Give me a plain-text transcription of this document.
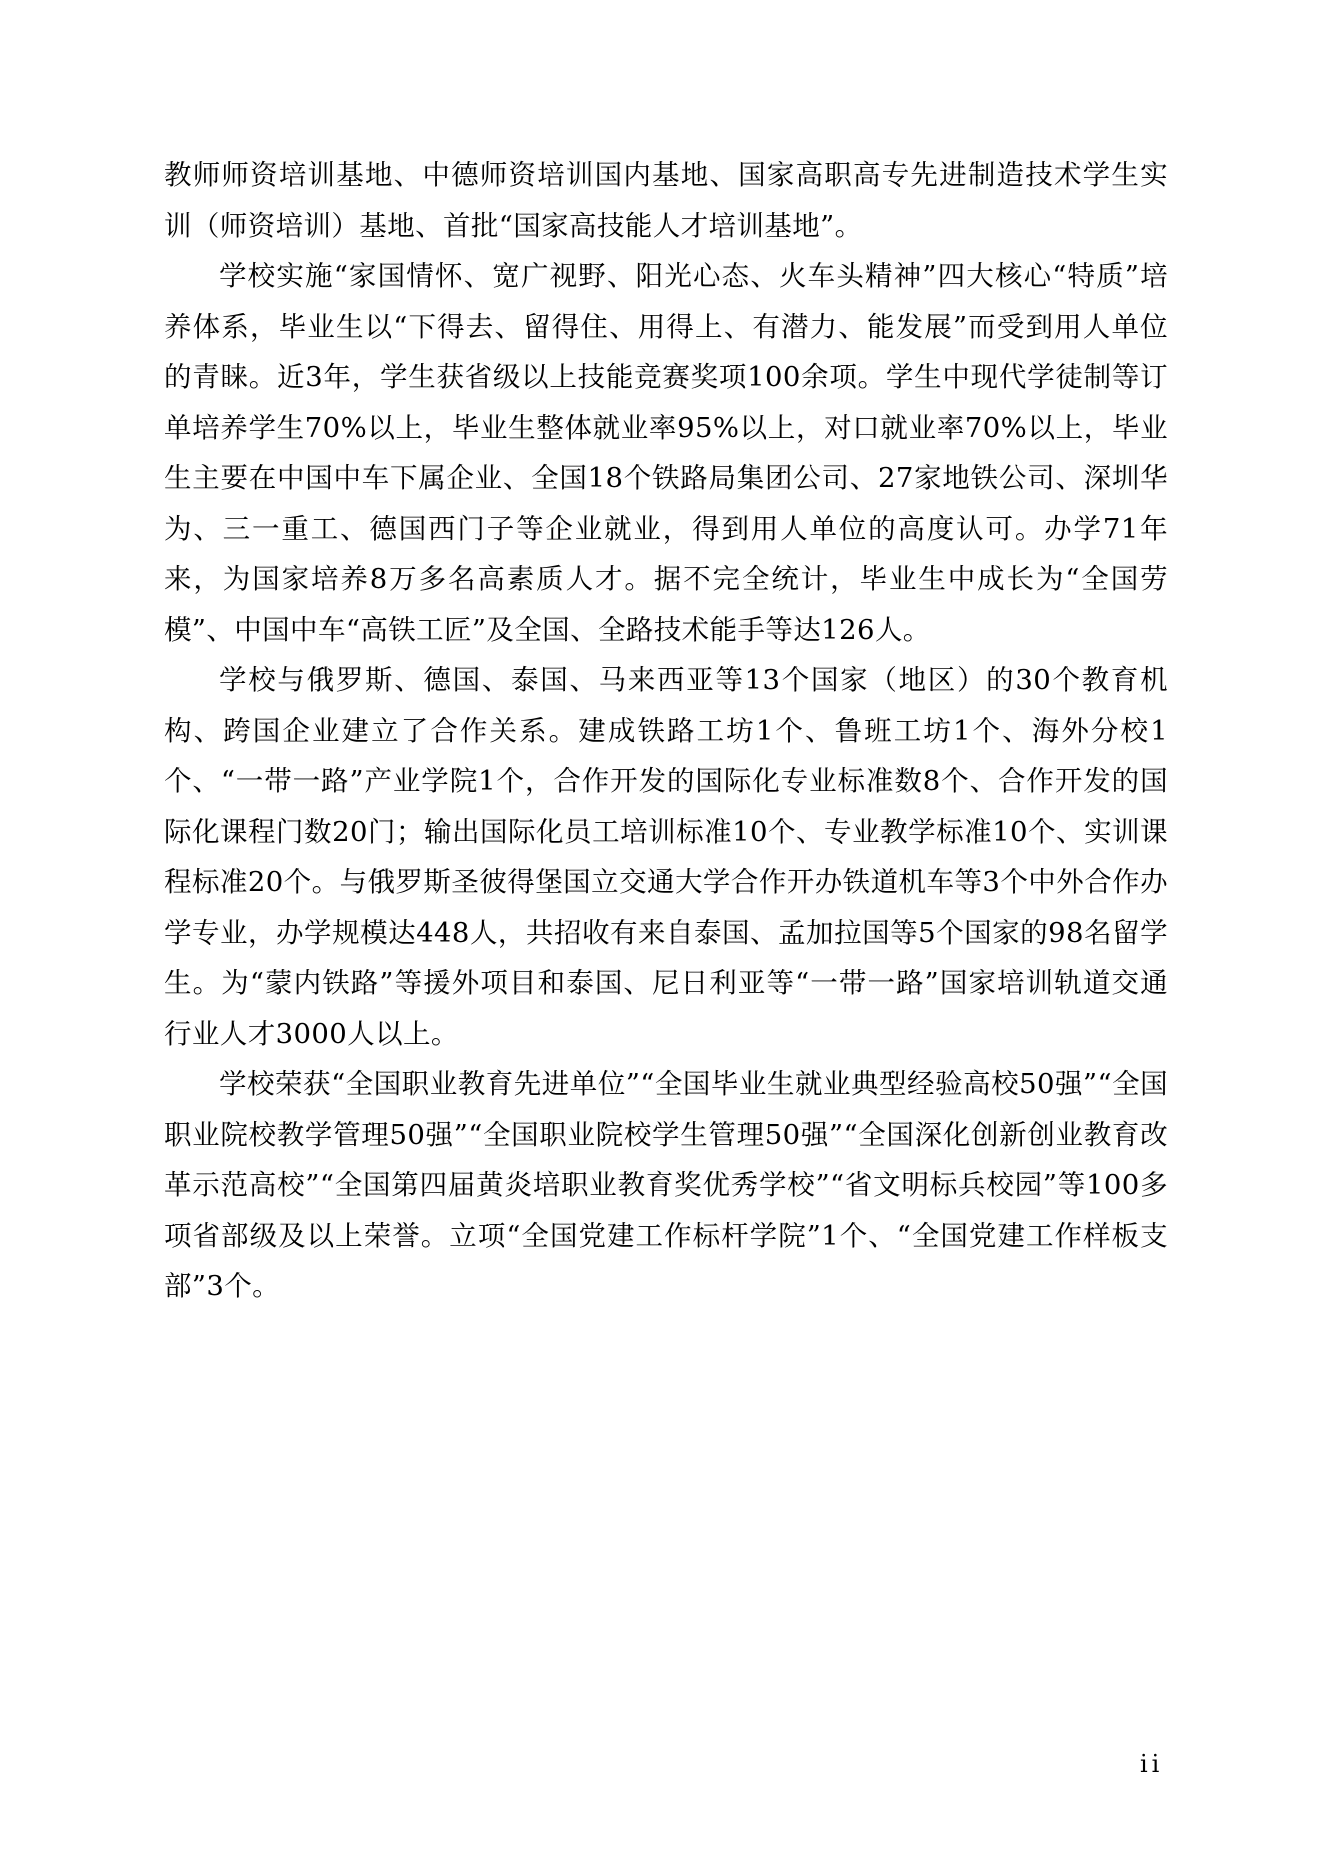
教师师资培训基地、中德师资培训国内基地、国家高职高专先进制造技术学生实训（师资培训）基地、首批“国家高技能人才培训基地”。

学校实施“家国情怀、宽广视野、阳光心态、火车头精神”四大核心“特质”培养体系，毕业生以“下得去、留得住、用得上、有潜力、能发展”而受到用人单位的青睐。近3年，学生获省级以上技能竞赛奖项100余项。学生中现代学徒制等订单培养学生70%以上，毕业生整体就业率95%以上，对口就业率70%以上，毕业生主要在中国中车下属企业、全国18个铁路局集团公司、27家地铁公司、深圳华为、三一重工、德国西门子等企业就业，得到用人单位的高度认可。办学71年来，为国家培养8万多名高素质人才。据不完全统计，毕业生中成长为“全国劳模”、中国中车“高铁工匠”及全国、全路技术能手等达126人。

学校与俄罗斯、德国、泰国、马来西亚等13个国家（地区）的30个教育机构、跨国企业建立了合作关系。建成铁路工坊1个、鲁班工坊1个、海外分校1个、“一带一路”产业学院1个，合作开发的国际化专业标准数8个、合作开发的国际化课程门数20门；输出国际化员工培训标准10个、专业教学标准10个、实训课程标准20个。与俄罗斯圣彼得堡国立交通大学合作开办铁道机车等3个中外合作办学专业，办学规模达448人，共招收有来自泰国、孟加拉国等5个国家的98名留学生。为“蒙内铁路”等援外项目和泰国、尼日利亚等“一带一路”国家培训轨道交通行业人才3000人以上。

学校荣获“全国职业教育先进单位”“全国毕业生就业典型经验高校50强”“全国职业院校教学管理50强”“全国职业院校学生管理50强”“全国深化创新创业教育改革示范高校”“全国第四届黄炎培职业教育奖优秀学校”“省文明标兵校园”等100多项省部级及以上荣誉。立项“全国党建工作标杆学院”1个、“全国党建工作样板支部”3个。

ii
